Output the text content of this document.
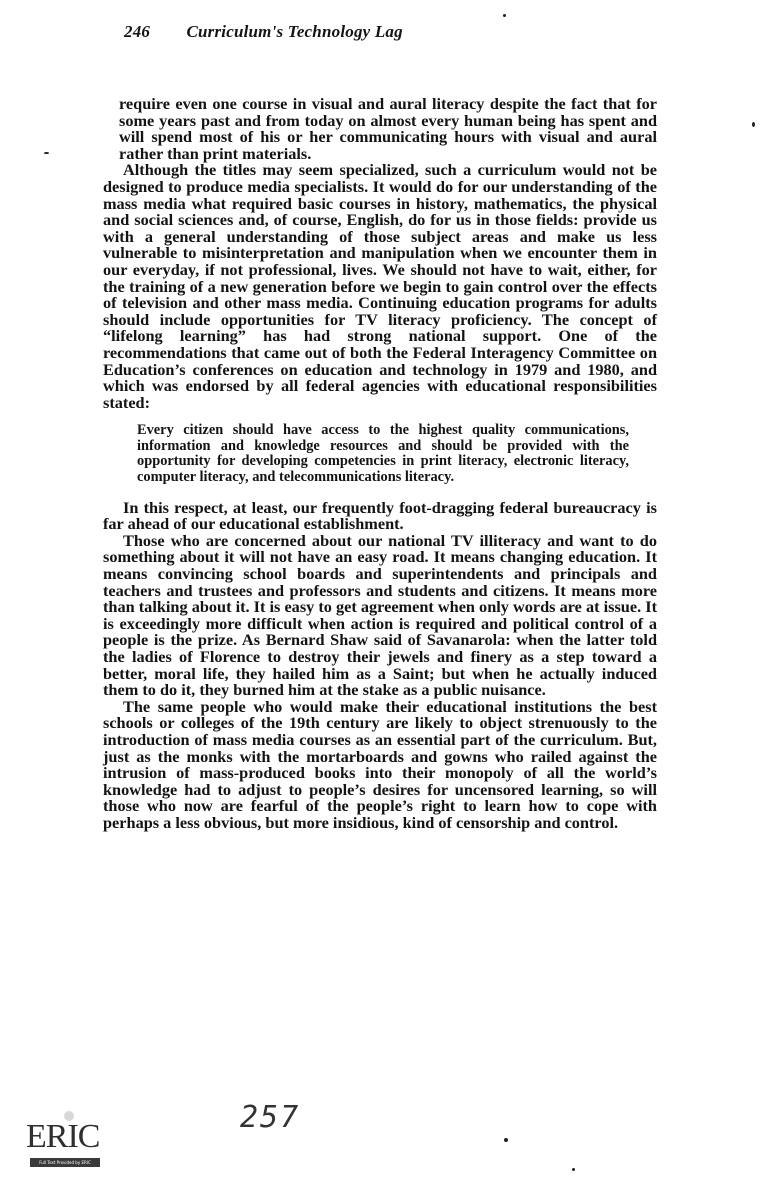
246 Curriculum's Technology Lag

require even one course in visual and aural literacy despite the fact that for some years past and from today on almost every human being has spent and will spend most of his or her communicating hours with visual and aural rather than print materials.

Although the titles may seem specialized, such a curriculum would not be designed to produce media specialists. It would do for our understanding of the mass media what required basic courses in history, mathematics, the physical and social sciences and, of course, English, do for us in those fields: provide us with a general understanding of those subject areas and make us less vulnerable to misinterpretation and manipulation when we encounter them in our everyday, if not professional, lives. We should not have to wait, either, for the training of a new generation before we begin to gain control over the effects of television and other mass media. Continuing education programs for adults should include opportunities for TV literacy proficiency. The concept of “lifelong learning” has had strong national support. One of the recommendations that came out of both the Federal Interagency Committee on Education’s conferences on education and technology in 1979 and 1980, and which was endorsed by all federal agencies with educational responsibilities stated:

Every citizen should have access to the highest quality communications, information and knowledge resources and should be provided with the opportunity for developing competencies in print literacy, electronic literacy, computer literacy, and telecommunications literacy.

In this respect, at least, our frequently foot-dragging federal bureaucracy is far ahead of our educational establishment.

Those who are concerned about our national TV illiteracy and want to do something about it will not have an easy road. It means changing education. It means convincing school boards and superintendents and principals and teachers and trustees and professors and students and citizens. It means more than talking about it. It is easy to get agreement when only words are at issue. It is exceedingly more difficult when action is required and political control of a people is the prize. As Bernard Shaw said of Savanarola: when the latter told the ladies of Florence to destroy their jewels and finery as a step toward a better, moral life, they hailed him as a Saint; but when he actually induced them to do it, they burned him at the stake as a public nuisance.

The same people who would make their educational institutions the best schools or colleges of the 19th century are likely to object strenuously to the introduction of mass media courses as an essential part of the curriculum. But, just as the monks with the mortarboards and gowns who railed against the intrusion of mass-produced books into their monopoly of all the world’s knowledge had to adjust to people’s desires for uncensored learning, so will those who now are fearful of the people’s right to learn how to cope with perhaps a less obvious, but more insidious, kind of censorship and control.

257
ERIC
Full Text Provided by ERIC
